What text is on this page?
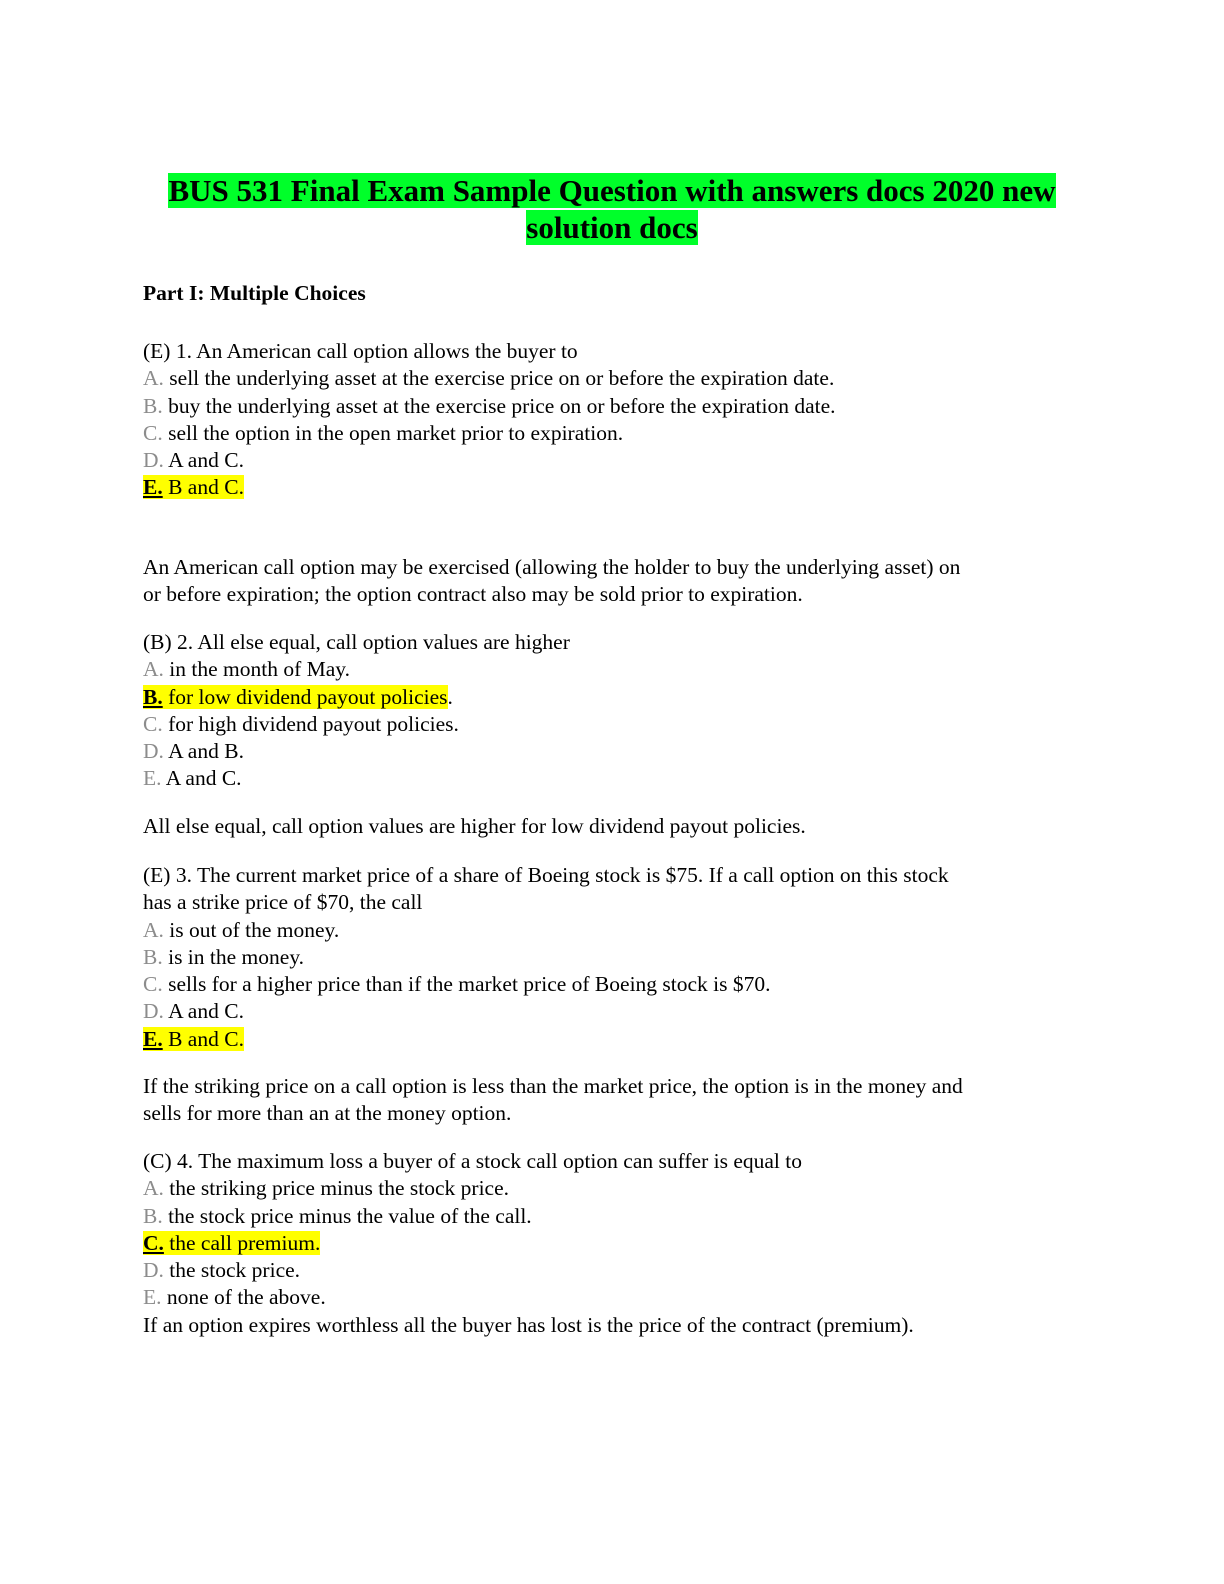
BUS 531 Final Exam Sample Question with answers docs 2020 new
solution docs
Part I: Multiple Choices
(E) 1. An American call option allows the buyer to
A. sell the underlying asset at the exercise price on or before the expiration date.
B. buy the underlying asset at the exercise price on or before the expiration date.
C. sell the option in the open market prior to expiration.
D. A and C.
E. B and C.
An American call option may be exercised (allowing the holder to buy the underlying asset) on
or before expiration; the option contract also may be sold prior to expiration.
(B) 2. All else equal, call option values are higher
A. in the month of May.
B. for low dividend payout policies.
C. for high dividend payout policies.
D. A and B.
E. A and C.
All else equal, call option values are higher for low dividend payout policies.
(E) 3. The current market price of a share of Boeing stock is $75. If a call option on this stock
has a strike price of $70, the call
A. is out of the money.
B. is in the money.
C. sells for a higher price than if the market price of Boeing stock is $70.
D. A and C.
E. B and C.
If the striking price on a call option is less than the market price, the option is in the money and
sells for more than an at the money option.
(C) 4. The maximum loss a buyer of a stock call option can suffer is equal to
A. the striking price minus the stock price.
B. the stock price minus the value of the call.
C. the call premium.
D. the stock price.
E. none of the above.
If an option expires worthless all the buyer has lost is the price of the contract (premium).
